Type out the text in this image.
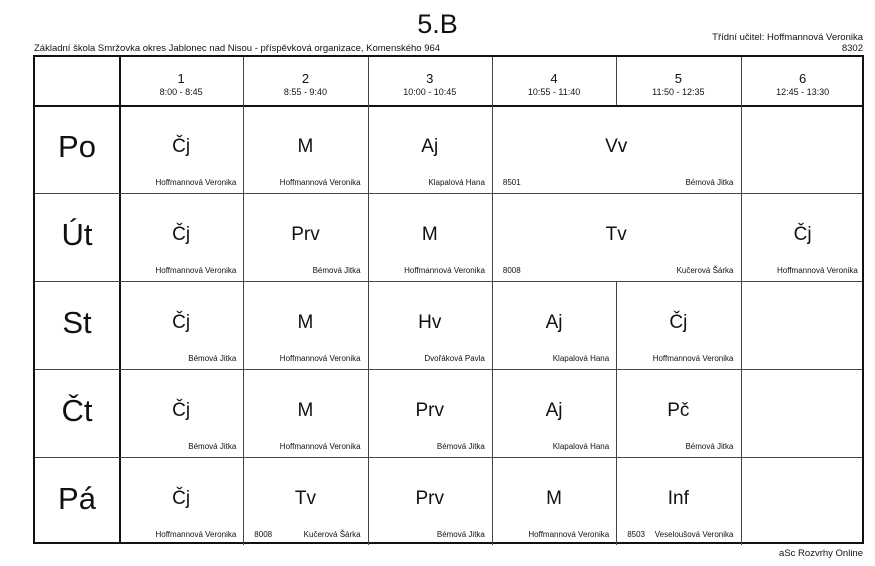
5.B
Základní škola Smržovka okres Jablonec nad Nisou - příspěvková organizace, Komenského 964
Třídní učitel: Hoffmannová Veronika
8302
aSc Rozvrhy Online
1
8:00 - 8:45
2
8:55 - 9:40
3
10:00 - 10:45
4
10:55 - 11:40
5
11:50 - 12:35
6
12:45 - 13:30
Po
Út
St
Čt
Pá
Čj
Hoffmannová Veronika
M
Hoffmannová Veronika
Aj
Klapalová Hana
Vv
Bémová Jitka
8501
Čj
Hoffmannová Veronika
Prv
Bémová Jitka
M
Hoffmannová Veronika
Tv
Kučerová Šárka
8008
Čj
Hoffmannová Veronika
Čj
Bémová Jitka
M
Hoffmannová Veronika
Hv
Dvořáková Pavla
Aj
Klapalová Hana
Čj
Hoffmannová Veronika
Čj
Bémová Jitka
M
Hoffmannová Veronika
Prv
Bémová Jitka
Aj
Klapalová Hana
Pč
Bémová Jitka
Čj
Hoffmannová Veronika
Tv
Kučerová Šárka
8008
Prv
Bémová Jitka
M
Hoffmannová Veronika
Inf
Veseloušová Veronika
8503
